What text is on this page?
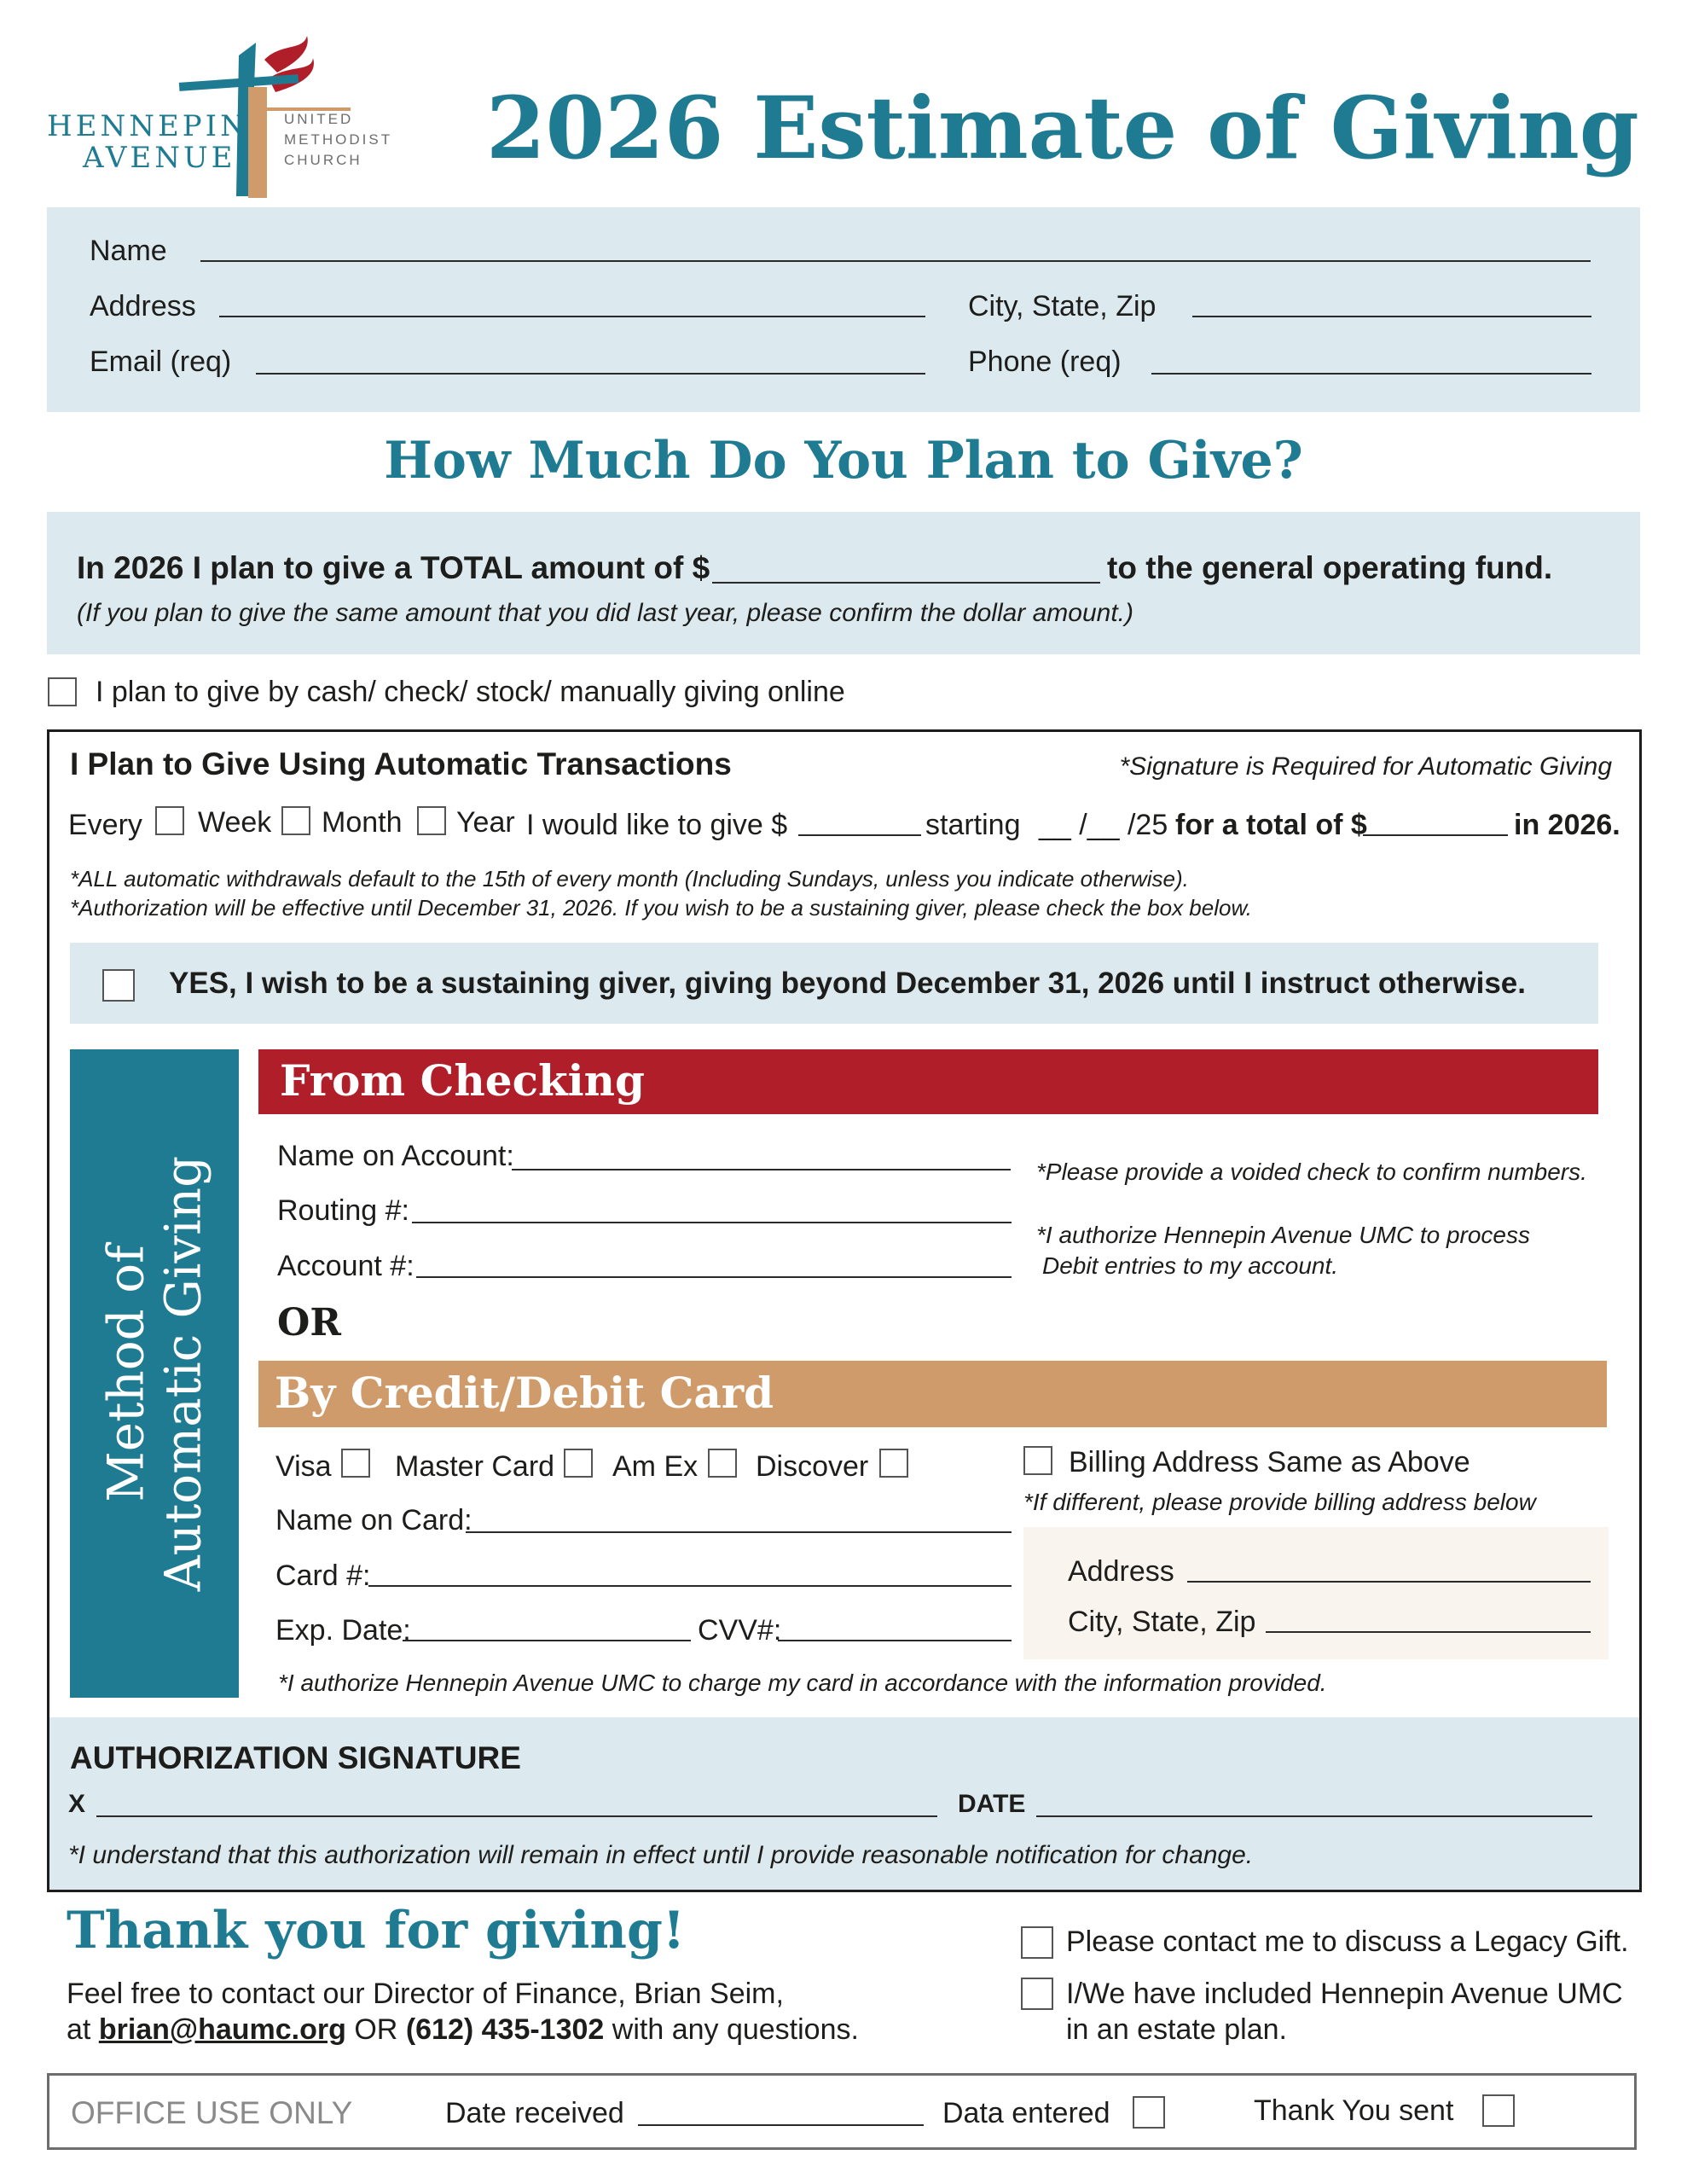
HENNEPIN
AVENUE
UNITED
METHODIST
CHURCH 2026 Estimate of Giving
Name
Address	City, State, Zip
Email (req)	Phone (req)
How Much Do You Plan to Give?
In 2026 I plan to give a TOTAL amount of $	to the general operating fund.
(If you plan to give the same amount that you did last year, please confirm the dollar amount.)
I plan to give by cash/ check/ stock/ manually giving online
I Plan to Give Using Automatic Transactions	*Signature is Required for Automatic Giving
Every Week Month Year I would like to give $	starting __ /__ /25 for a total of $	in 2026.
*ALL automatic withdrawals default to the 15th of every month (Including Sundays, unless you indicate otherwise).
*Authorization will be effective until December 31, 2026. If you wish to be a sustaining giver, please check the box below.
YES, I wish to be a sustaining giver, giving beyond December 31, 2026 until I instruct otherwise.
Method of
Automatic Giving
From Checking
Name on Account:
Routing #:
Account #:
*Please provide a voided check to confirm numbers.
*I authorize Hennepin Avenue UMC to process
Debit entries to my account.
OR
By Credit/Debit Card
Visa Master Card Am Ex Discover
Name on Card:
Card #:
Exp. Date:	CVV#:
Billing Address Same as Above
*If different, please provide billing address below
Address
City, State, Zip
*I authorize Hennepin Avenue UMC to charge my card in accordance with the information provided.
AUTHORIZATION SIGNATURE
X	DATE
*I understand that this authorization will remain in effect until I provide reasonable notification for change.
Thank you for giving!
Feel free to contact our Director of Finance, Brian Seim,
at brian@haumc.org OR (612) 435-1302 with any questions.
Please contact me to discuss a Legacy Gift.
I/We have included Hennepin Avenue UMC
in an estate plan.
OFFICE USE ONLY	Date received	Data entered	Thank You sent
